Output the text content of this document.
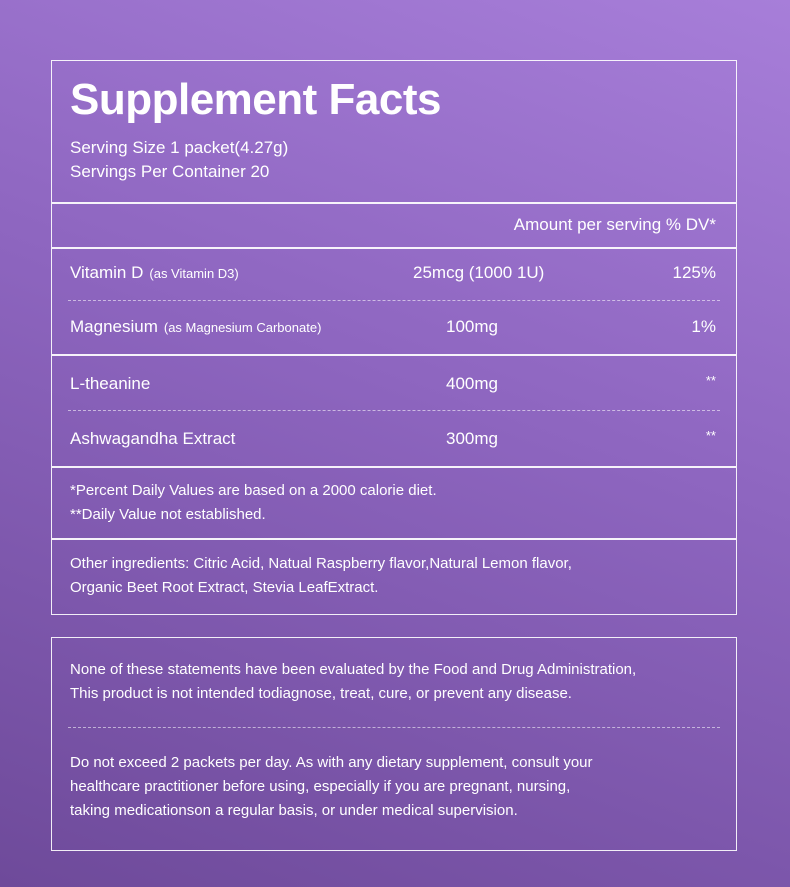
Supplement Facts
Serving Size 1 packet(4.27g)
Servings Per Container 20
Amount per serving % DV*
Vitamin D (as Vitamin D3)	25mcg (1000 1U)	125%
Magnesium (as Magnesium Carbonate)	100mg	1%
L-theanine	400mg	**
Ashwagandha Extract	300mg	**
*Percent Daily Values are based on a 2000 calorie diet.
**Daily Value not established.
Other ingredients: Citric Acid, Natual Raspberry flavor,Natural Lemon flavor,
Organic Beet Root Extract, Stevia LeafExtract.
None of these statements have been evaluated by the Food and Drug Administration,
This product is not intended todiagnose, treat, cure, or prevent any disease.
Do not exceed 2 packets per day. As with any dietary supplement, consult your
healthcare practitioner before using, especially if you are pregnant, nursing,
taking medicationson a regular basis, or under medical supervision.
